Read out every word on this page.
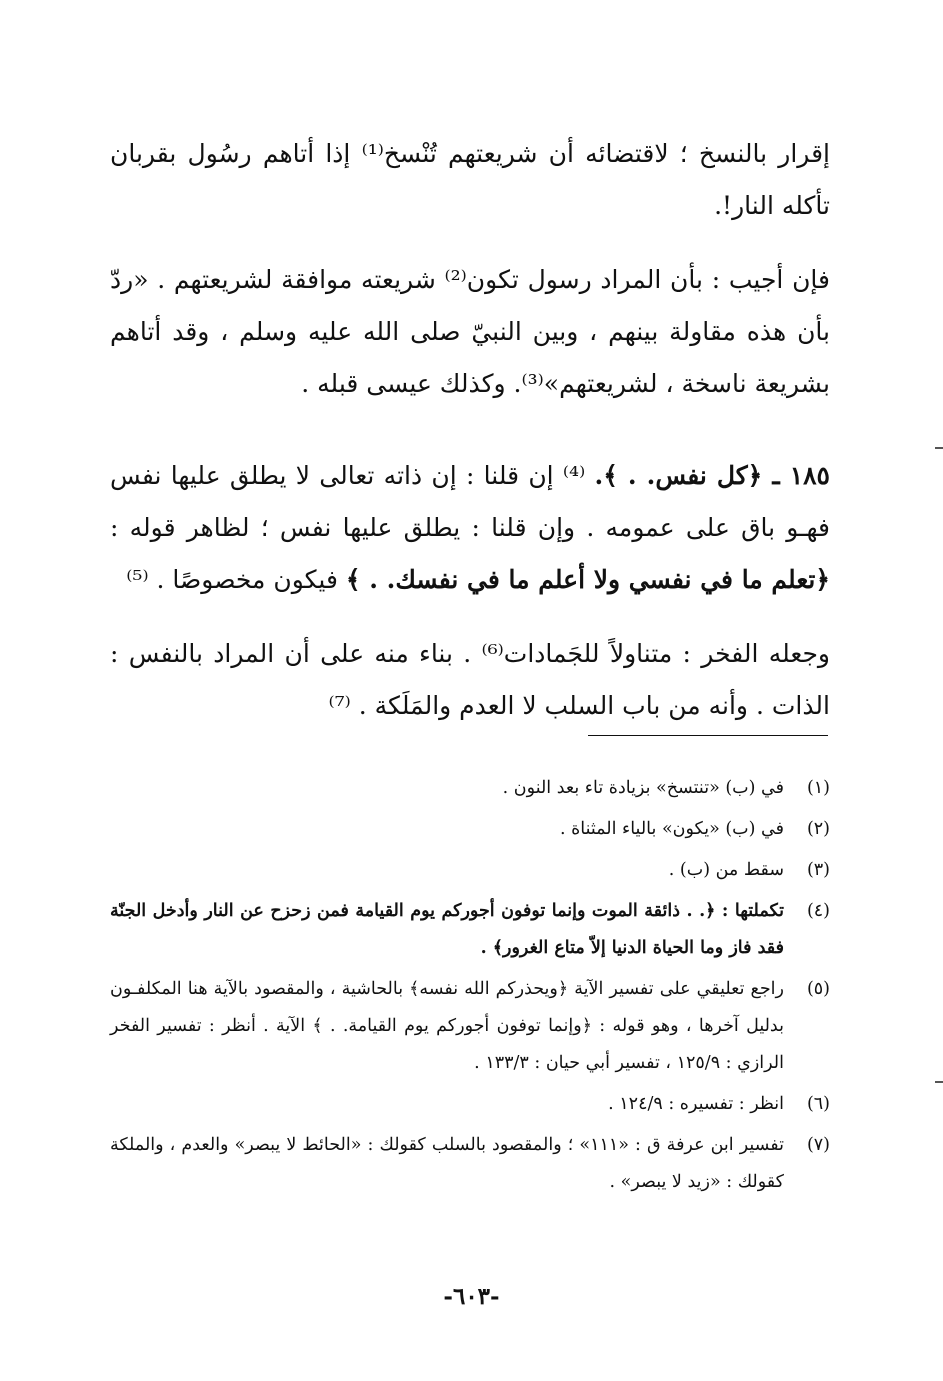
إقرار بالنسخ ؛ لاقتضائه أن شريعتهم تُنْسخ⁽¹⁾ إذا أتاهم رسُول بقربان تأكله النار!.

فإن أجيب : بأن المراد رسول تكون⁽²⁾ شريعته موافقة لشريعتهم . «ردّ بأن هذه مقاولة بينهم ، وبين النبيّ صلى الله عليه وسلم ، وقد أتاهم بشريعة ناسخة ، لشريعتهم»⁽³⁾. وكذلك عيسى قبله .

١٨٥ ـ ﴿كل نفس. . ﴾. ⁽⁴⁾ إن قلنا : إن ذاته تعالى لا يطلق عليها نفس فهـو باق على عمومه . وإن قلنا : يطلق عليها نفس ؛ لظاهر قوله : ﴿تعلم ما في نفسي ولا أعلم ما في نفسك. . ﴾ فيكون مخصوصًا . ⁽⁵⁾

وجعله الفخر : متناولاً للجَمادات⁽⁶⁾ . بناء منه على أن المراد بالنفس : الذات . وأنه من باب السلب لا العدم والمَلَكة . ⁽⁷⁾

(١)
في (ب) «تنتسخ» بزيادة تاء بعد النون .
(٢)
في (ب) «يكون» بالياء المثناة .
(٣)
سقط من (ب) .
(٤)
تكملتها : ﴿. . ذائقة الموت وإنما توفون أجوركم يوم القيامة فمن زحزح عن النار وأدخل الجنّة فقد فاز وما الحياة الدنيا إلاّ متاع الغرور﴾ .
(٥)
راجع تعليقي على تفسير الآية ﴿ويحذركم الله نفسه﴾ بالحاشية ، والمقصود بالآية هنا المكلفـون بدليل آخرها ، وهو قوله : ﴿وإنما توفون أجوركم يوم القيامة. . ﴾ الآية . أنظر : تفسير الفخر الرازي : ١٢٥/٩ ، تفسير أبي حيان : ١٣٣/٣ .
(٦)
انظر : تفسيره : ١٢٤/٩ .
(٧)
تفسير ابن عرفة ق : «١١١» ؛ والمقصود بالسلب كقولك : «الحائط لا يبصر» والعدم ، والملكة كقولك : «زيد لا يبصر» .
-٦٠٣-
